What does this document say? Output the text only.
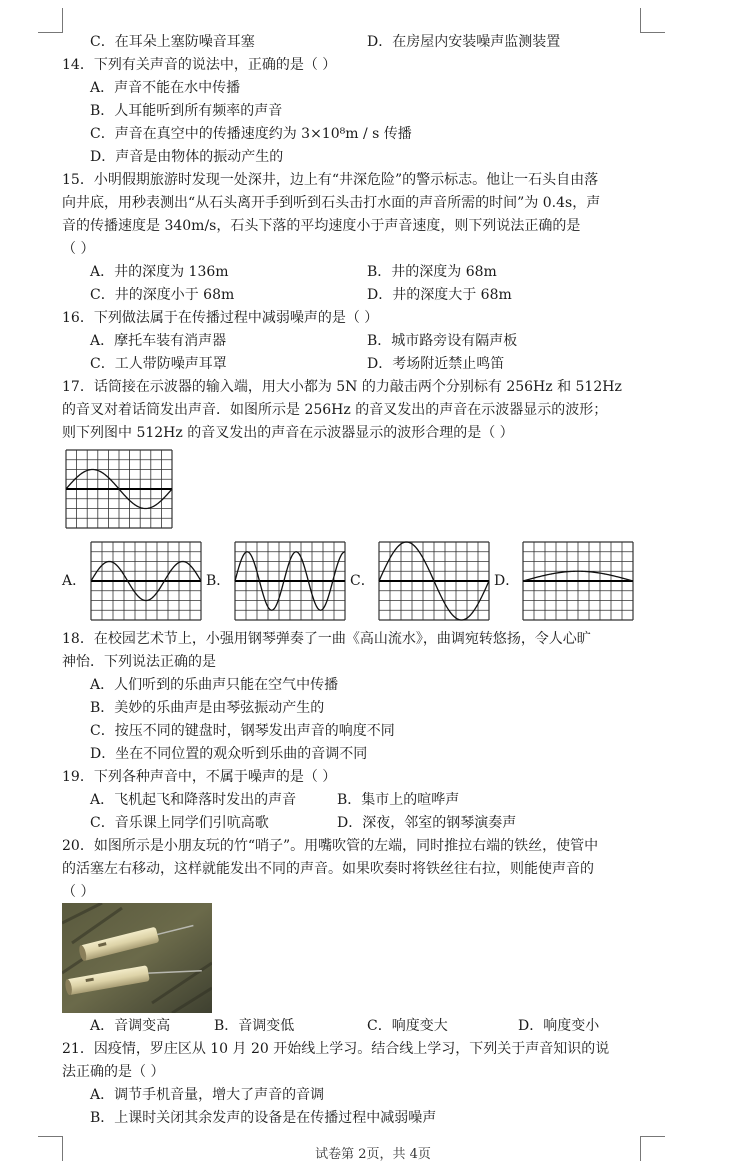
C．在耳朵上塞防噪音耳塞	D．在房屋内安装噪声监测装置
14．下列有关声音的说法中，正确的是（ ）
A．声音不能在水中传播
B．人耳能听到所有频率的声音
C．声音在真空中的传播速度约为 3×10⁸m / s 传播
D．声音是由物体的振动产生的
15．小明假期旅游时发现一处深井，边上有“井深危险”的警示标志。他让一石头自由落
向井底，用秒表测出“从石头离开手到听到石头击打水面的声音所需的时间”为 0.4s，声
音的传播速度是 340m/s，石头下落的平均速度小于声音速度，则下列说法正确的是
（ ）
A．井的深度为 136m	B．井的深度为 68m
C．井的深度小于 68m	D．井的深度大于 68m
16．下列做法属于在传播过程中减弱噪声的是（ ）
A．摩托车装有消声器	B．城市路旁设有隔声板
C．工人带防噪声耳罩	D．考场附近禁止鸣笛
17．话筒接在示波器的输入端，用大小都为 5N 的力敲击两个分别标有 256Hz 和 512Hz
的音叉对着话筒发出声音．如图所示是 256Hz 的音叉发出的声音在示波器显示的波形；
则下列图中 512Hz 的音叉发出的声音在示波器显示的波形合理的是（ ）
A．	B．	C．	D．
18．在校园艺术节上，小强用钢琴弹奏了一曲《高山流水》，曲调宛转悠扬，令人心旷
神怡．下列说法正确的是
A．人们听到的乐曲声只能在空气中传播
B．美妙的乐曲声是由琴弦振动产生的
C．按压不同的键盘时，钢琴发出声音的响度不同
D．坐在不同位置的观众听到乐曲的音调不同
19．下列各种声音中，不属于噪声的是（ ）
A．飞机起飞和降落时发出的声音	B．集市上的喧哗声
C．音乐课上同学们引吭高歌	D．深夜，邻室的钢琴演奏声
20．如图所示是小朋友玩的竹“哨子”。用嘴吹管的左端，同时推拉右端的铁丝，使管中
的活塞左右移动，这样就能发出不同的声音。如果吹奏时将铁丝往右拉，则能使声音的
（ ）
A．音调变高	B．音调变低	C．响度变大	D．响度变小
21．因疫情，罗庄区从 10 月 20 开始线上学习。结合线上学习，下列关于声音知识的说
法正确的是（ ）
A．调节手机音量，增大了声音的音调
B．上课时关闭其余发声的设备是在传播过程中减弱噪声
试卷第 2页，共 4页
